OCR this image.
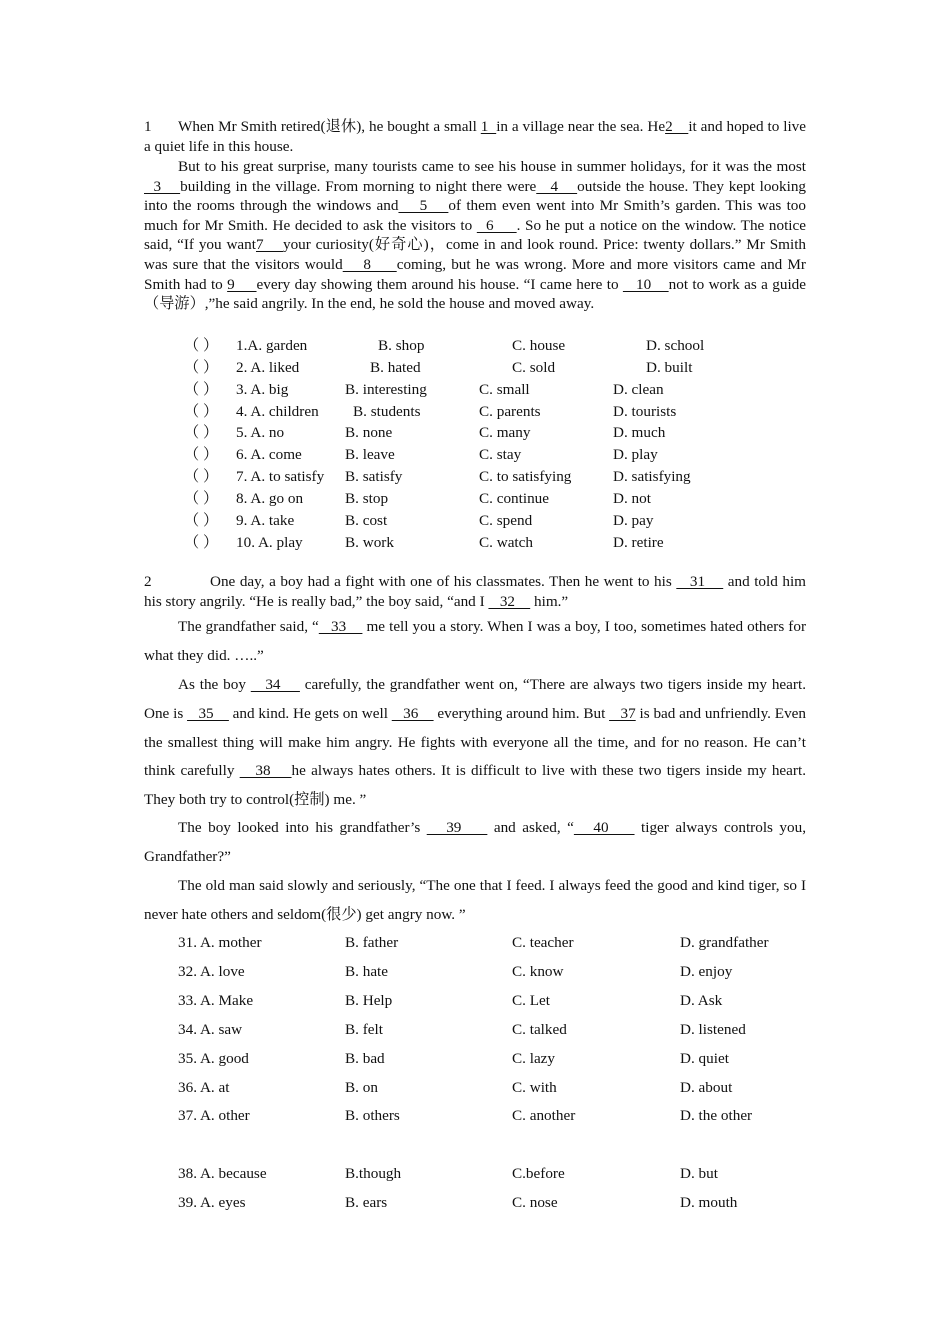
1 When Mr Smith retired(退休), he bought a small 1  in a village near the sea. He2    it and hoped to live a quiet life in this house.

But to his great surprise, many tourists came to see his house in summer holidays, for it was the most   3    building in the village. From morning to night there were   4    outside the house. They kept looking into the rooms through the windows and    5    of them even went into Mr Smith’s garden. This was too much for Mr Smith. He decided to ask the visitors to   6     . So he put a notice on the window. The notice said, “If you want7    your curiosity(好奇心)，come in and look round. Price: twenty dollars.” Mr Smith was sure that the visitors would    8     coming, but he was wrong. More and more visitors came and Mr Smith had to 9     every day showing them around his house. “I came here to    10    not to work as a guide（导游）,”he said angrily. In the end, he sold the house and moved away.

（ ） 1.A. garden	B. shop	C. house	D. school
（ ） 2. A. liked	B. hated	C. sold	D. built
（ ） 3. A. big	B. interesting	C. small	D. clean
（ ） 4. A. children B. students	C. parents	D. tourists
（ ） 5. A. no	B. none	C. many	D. much
（ ） 6. A. come	B. leave	C. stay	D. play
（ ） 7. A. to satisfy B. satisfy	C. to satisfying	D. satisfying
（ ） 8. A. go on	B. stop	C. continue	D. not
（ ） 9. A. take	B. cost	C. spend	D. pay
（ ） 10. A. play	B. work	C. watch	D. retire

2	One day, a boy had a fight with one of his classmates. Then he went to his    31     and told him his story angrily. “He is really bad,” the boy said, “and I    32     him.”

The grandfather said, “   33     me tell you a story. When I was a boy, I too, sometimes hated others for what they did. …..”

As the boy    34     carefully, the grandfather went on, “There are always two tigers inside my heart. One is    35     and kind. He gets on well    36     everything around him. But    37 is bad and unfriendly. Even the smallest thing will make him angry. He fights with everyone all the time, and for no reason. He can’t think carefully    38    he always hates others. It is difficult to live with these two tigers inside my heart. They both try to control(控制) me. ”

The boy looked into his grandfather’s    39     and asked, “   40     tiger always controls you, Grandfather?”

The old man said slowly and seriously, “The one that I feed. I always feed the good and kind tiger, so I never hate others and seldom(很少) get angry now. ”

31. A. mother	B. father	C. teacher	D. grandfather
32. A. love	B. hate	C. know	D. enjoy
33. A. Make	B. Help	C. Let	D. Ask
34. A. saw	B. felt	C. talked	D. listened
35. A. good	B. bad	C. lazy	D. quiet
36. A. at	B. on	C. with	D. about
37. A. other	B. others	C. another	D. the other
38. A. because	B.though	C.before	D. but
39. A. eyes	B. ears	C. nose	D. mouth
